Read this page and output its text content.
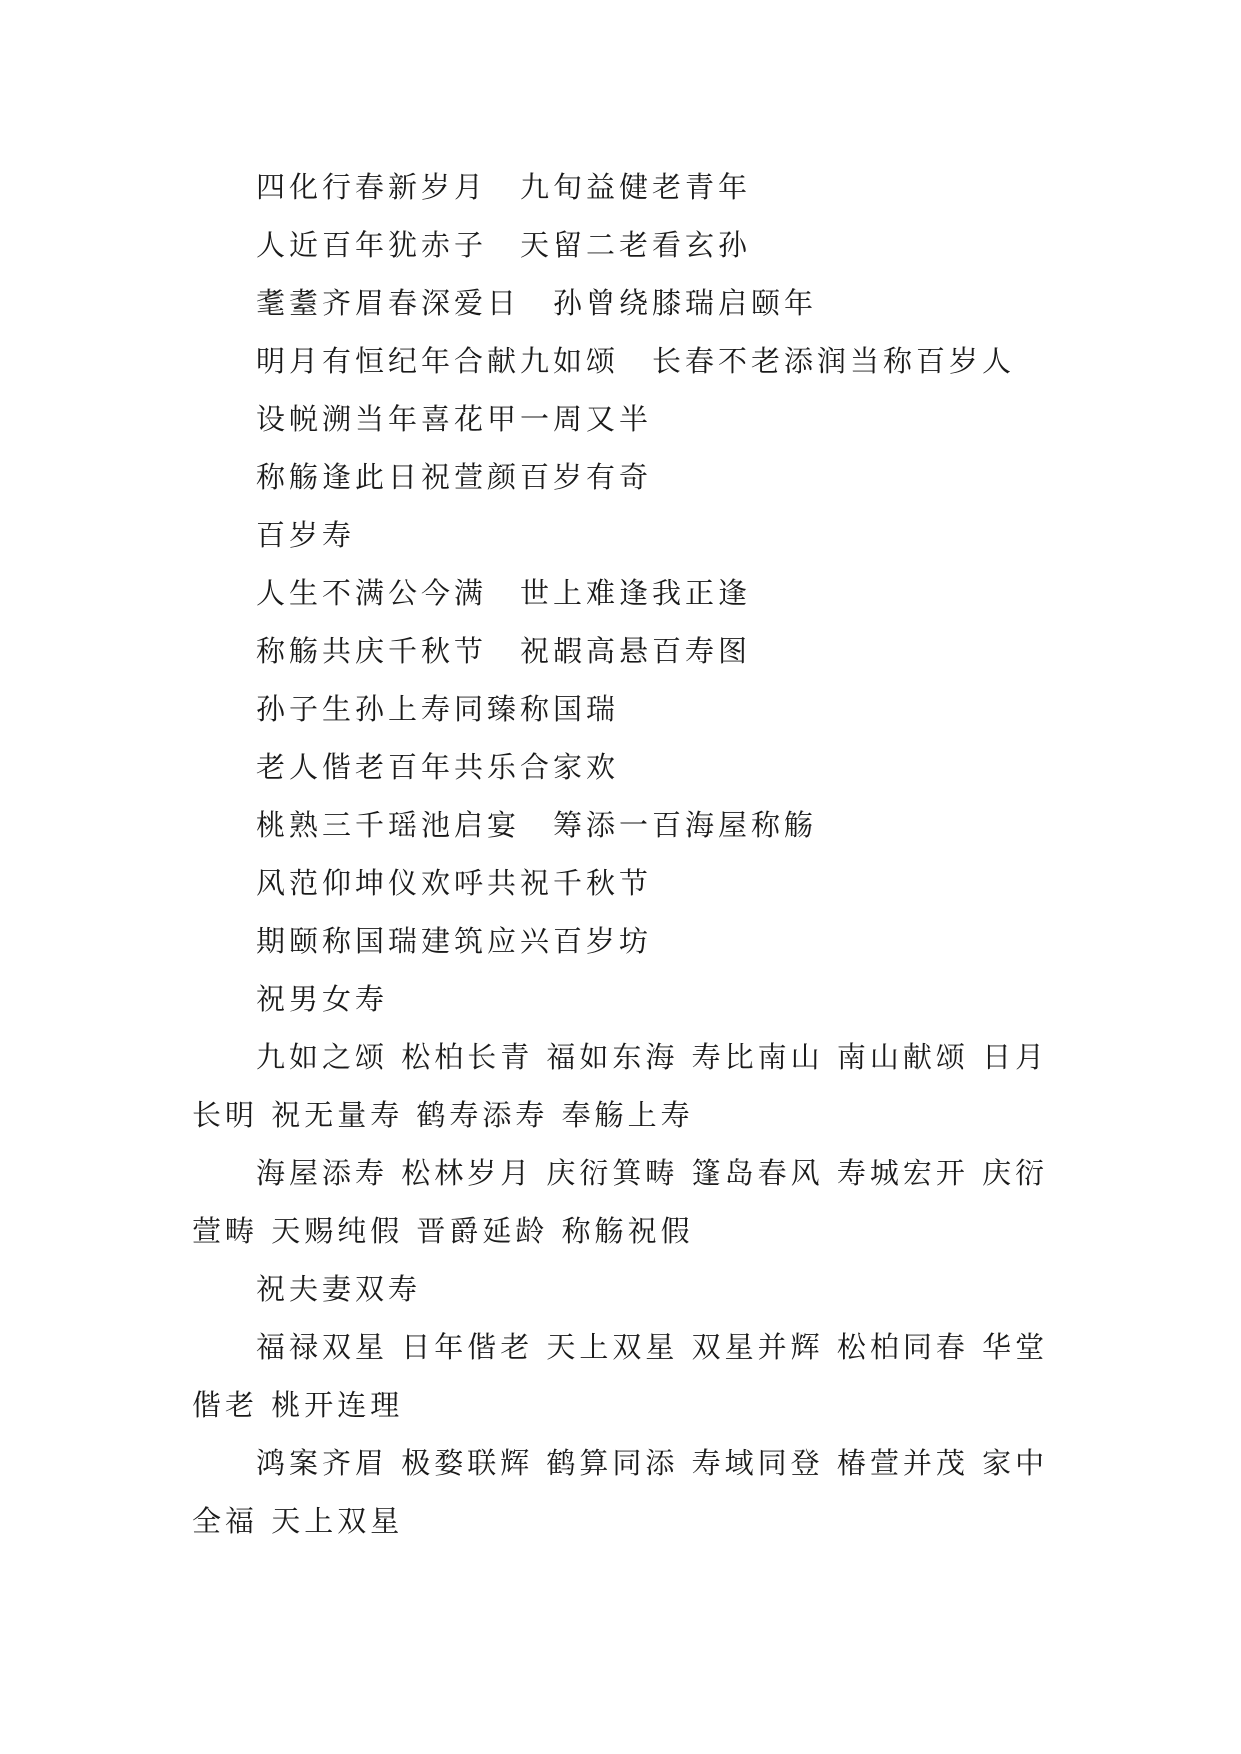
四化行春新岁月　九旬益健老青年

人近百年犹赤子　天留二老看玄孙

耄耋齐眉春深爱日　孙曾绕膝瑞启颐年

明月有恒纪年合献九如颂　长春不老添润当称百岁人

设帨溯当年喜花甲一周又半

称觞逢此日祝萱颜百岁有奇

百岁寿

人生不满公今满　世上难逢我正逢

称觞共庆千秋节　祝嘏高悬百寿图

孙子生孙上寿同臻称国瑞

老人偕老百年共乐合家欢

桃熟三千瑶池启宴　筹添一百海屋称觞

风范仰坤仪欢呼共祝千秋节

期颐称国瑞建筑应兴百岁坊

祝男女寿

九如之颂 松柏长青 福如东海 寿比南山 南山献颂 日月长明 祝无量寿 鹤寿添寿 奉觞上寿

海屋添寿 松林岁月 庆衍箕畴 篷岛春风 寿城宏开 庆衍萱畴 天赐纯假 晋爵延龄 称觞祝假

祝夫妻双寿

福禄双星 日年偕老 天上双星 双星并辉 松柏同春 华堂偕老 桃开连理

鸿案齐眉 极婺联辉 鹤算同添 寿域同登 椿萱并茂 家中全福 天上双星
